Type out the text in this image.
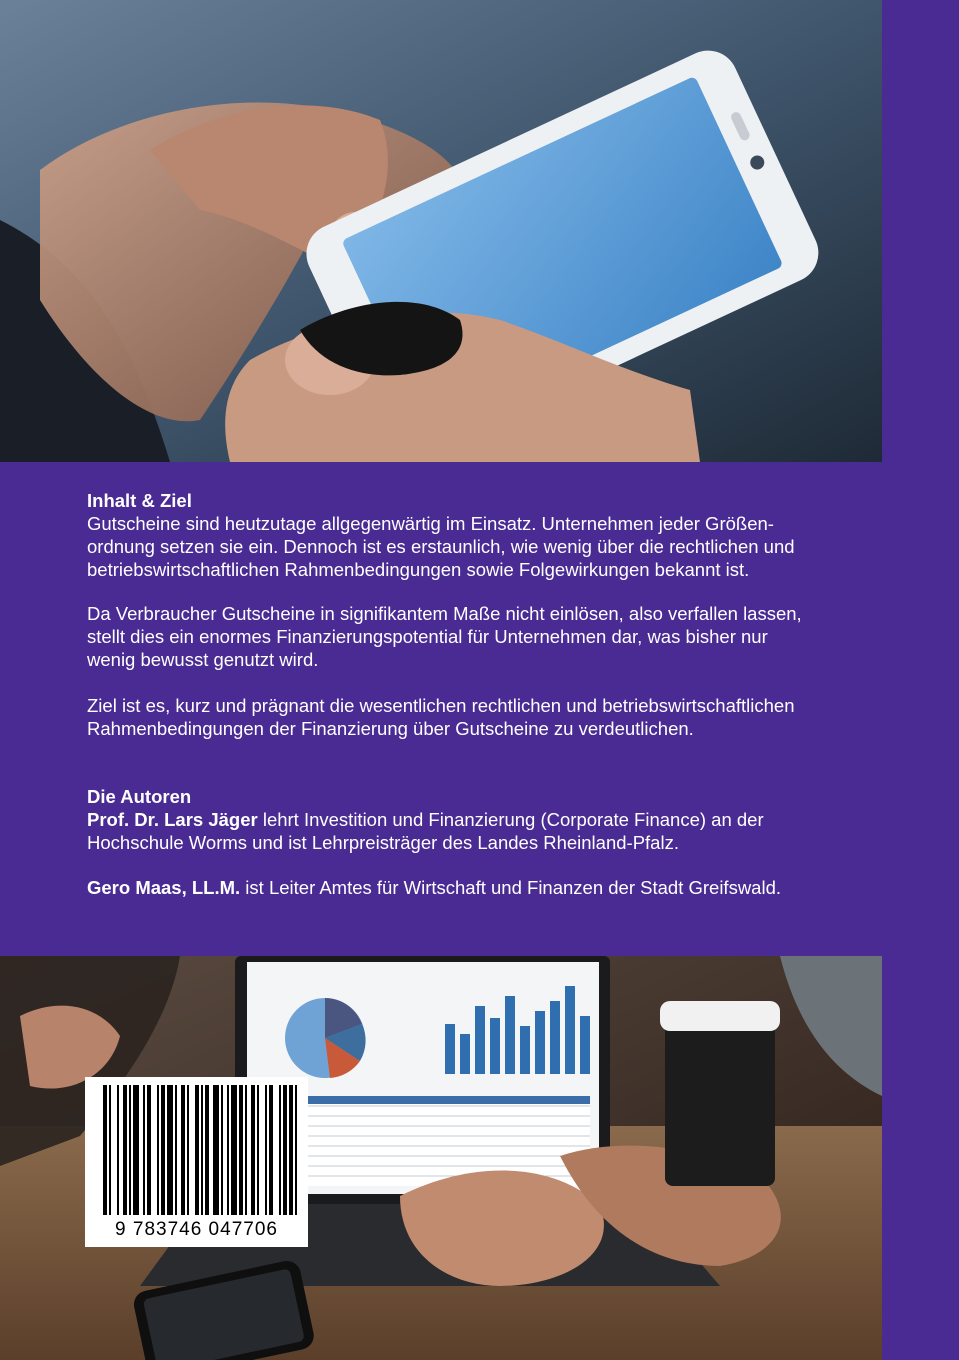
Inhalt & Ziel
Gutscheine sind heutzutage allgegenwärtig im Einsatz. Unternehmen jeder Größen-
ordnung setzen sie ein. Dennoch ist es erstaunlich, wie wenig über die rechtlichen und
betriebswirtschaftlichen Rahmenbedingungen sowie Folgewirkungen bekannt ist.
Da Verbraucher Gutscheine in signifikantem Maße nicht einlösen, also verfallen lassen,
stellt dies ein enormes Finanzierungspotential für Unternehmen dar, was bisher nur
wenig bewusst genutzt wird.
Ziel ist es, kurz und prägnant die wesentlichen rechtlichen und betriebswirtschaftlichen
Rahmenbedingungen der Finanzierung über Gutscheine zu verdeutlichen.
Die Autoren
Prof. Dr. Lars Jäger lehrt Investition und Finanzierung (Corporate Finance) an der
Hochschule Worms und ist Lehrpreisträger des Landes Rheinland-Pfalz.
Gero Maas, LL.M. ist Leiter Amtes für Wirtschaft und Finanzen der Stadt Greifswald.
9 783746 047706
